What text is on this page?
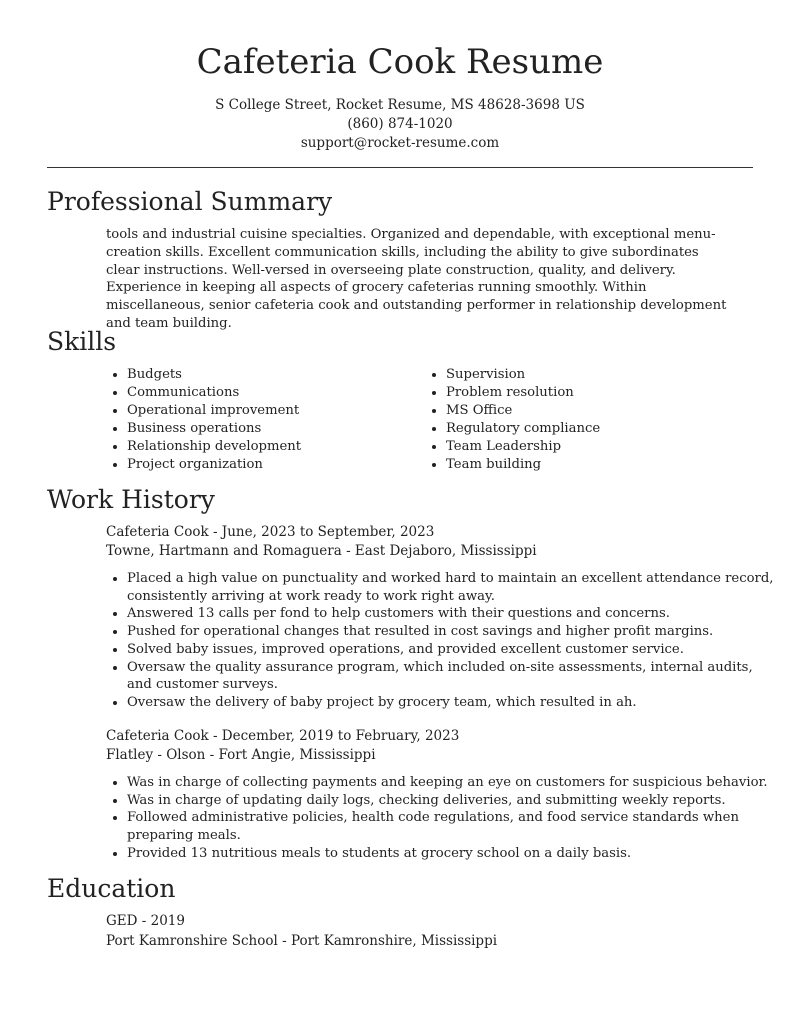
Cafeteria Cook Resume
S College Street, Rocket Resume, MS 48628-3698 US
(860) 874-1020
support@rocket-resume.com
Professional Summary
tools and industrial cuisine specialties. Organized and dependable, with exceptional menu-creation skills. Excellent communication skills, including the ability to give subordinates clear instructions. Well-versed in overseeing plate construction, quality, and delivery. Experience in keeping all aspects of grocery cafeterias running smoothly. Within miscellaneous, senior cafeteria cook and outstanding performer in relationship development and team building.
Skills
• Budgets
• Communications
• Operational improvement
• Business operations
• Relationship development
• Project organization
• Supervision
• Problem resolution
• MS Office
• Regulatory compliance
• Team Leadership
• Team building
Work History
Cafeteria Cook - June, 2023 to September, 2023
Towne, Hartmann and Romaguera - East Dejaboro, Mississippi
• Placed a high value on punctuality and worked hard to maintain an excellent attendance record, consistently arriving at work ready to work right away.
• Answered 13 calls per fond to help customers with their questions and concerns.
• Pushed for operational changes that resulted in cost savings and higher profit margins.
• Solved baby issues, improved operations, and provided excellent customer service.
• Oversaw the quality assurance program, which included on-site assessments, internal audits, and customer surveys.
• Oversaw the delivery of baby project by grocery team, which resulted in ah.
Cafeteria Cook - December, 2019 to February, 2023
Flatley - Olson - Fort Angie, Mississippi
• Was in charge of collecting payments and keeping an eye on customers for suspicious behavior.
• Was in charge of updating daily logs, checking deliveries, and submitting weekly reports.
• Followed administrative policies, health code regulations, and food service standards when preparing meals.
• Provided 13 nutritious meals to students at grocery school on a daily basis.
Education
GED - 2019
Port Kamronshire School - Port Kamronshire, Mississippi
